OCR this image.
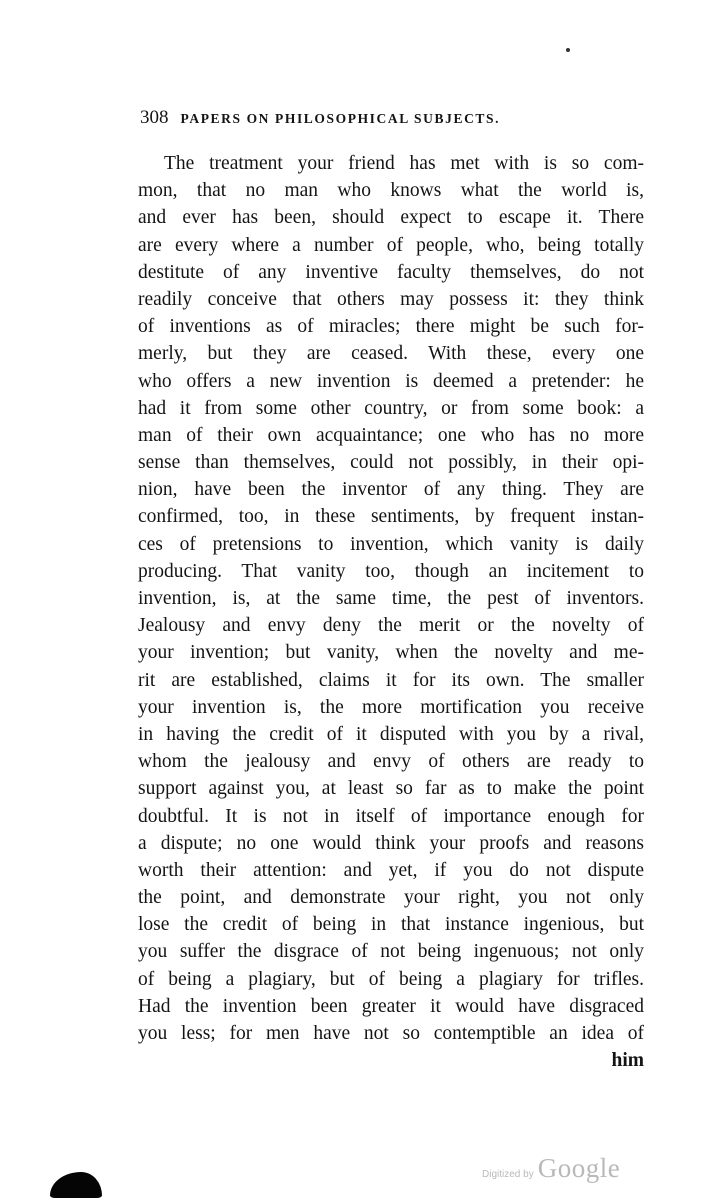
308 PAPERS ON PHILOSOPHICAL SUBJECTS.
The treatment your friend has met with is so com-
mon, that no man who knows what the world is,
and ever has been, should expect to escape it. There
are every where a number of people, who, being totally
destitute of any inventive faculty themselves, do not
readily conceive that others may possess it: they think
of inventions as of miracles; there might be such for-
merly, but they are ceased. With these, every one
who offers a new invention is deemed a pretender: he
had it from some other country, or from some book: a
man of their own acquaintance; one who has no more
sense than themselves, could not possibly, in their opi-
nion, have been the inventor of any thing. They are
confirmed, too, in these sentiments, by frequent instan-
ces of pretensions to invention, which vanity is daily
producing. That vanity too, though an incitement to
invention, is, at the same time, the pest of inventors.
Jealousy and envy deny the merit or the novelty of
your invention; but vanity, when the novelty and me-
rit are established, claims it for its own. The smaller
your invention is, the more mortification you receive
in having the credit of it disputed with you by a rival,
whom the jealousy and envy of others are ready to
support against you, at least so far as to make the point
doubtful. It is not in itself of importance enough for
a dispute; no one would think your proofs and reasons
worth their attention: and yet, if you do not dispute
the point, and demonstrate your right, you not only
lose the credit of being in that instance ingenious, but
you suffer the disgrace of not being ingenuous; not only
of being a plagiary, but of being a plagiary for trifles.
Had the invention been greater it would have disgraced
you less; for men have not so contemptible an idea of
him
Digitized by Google
